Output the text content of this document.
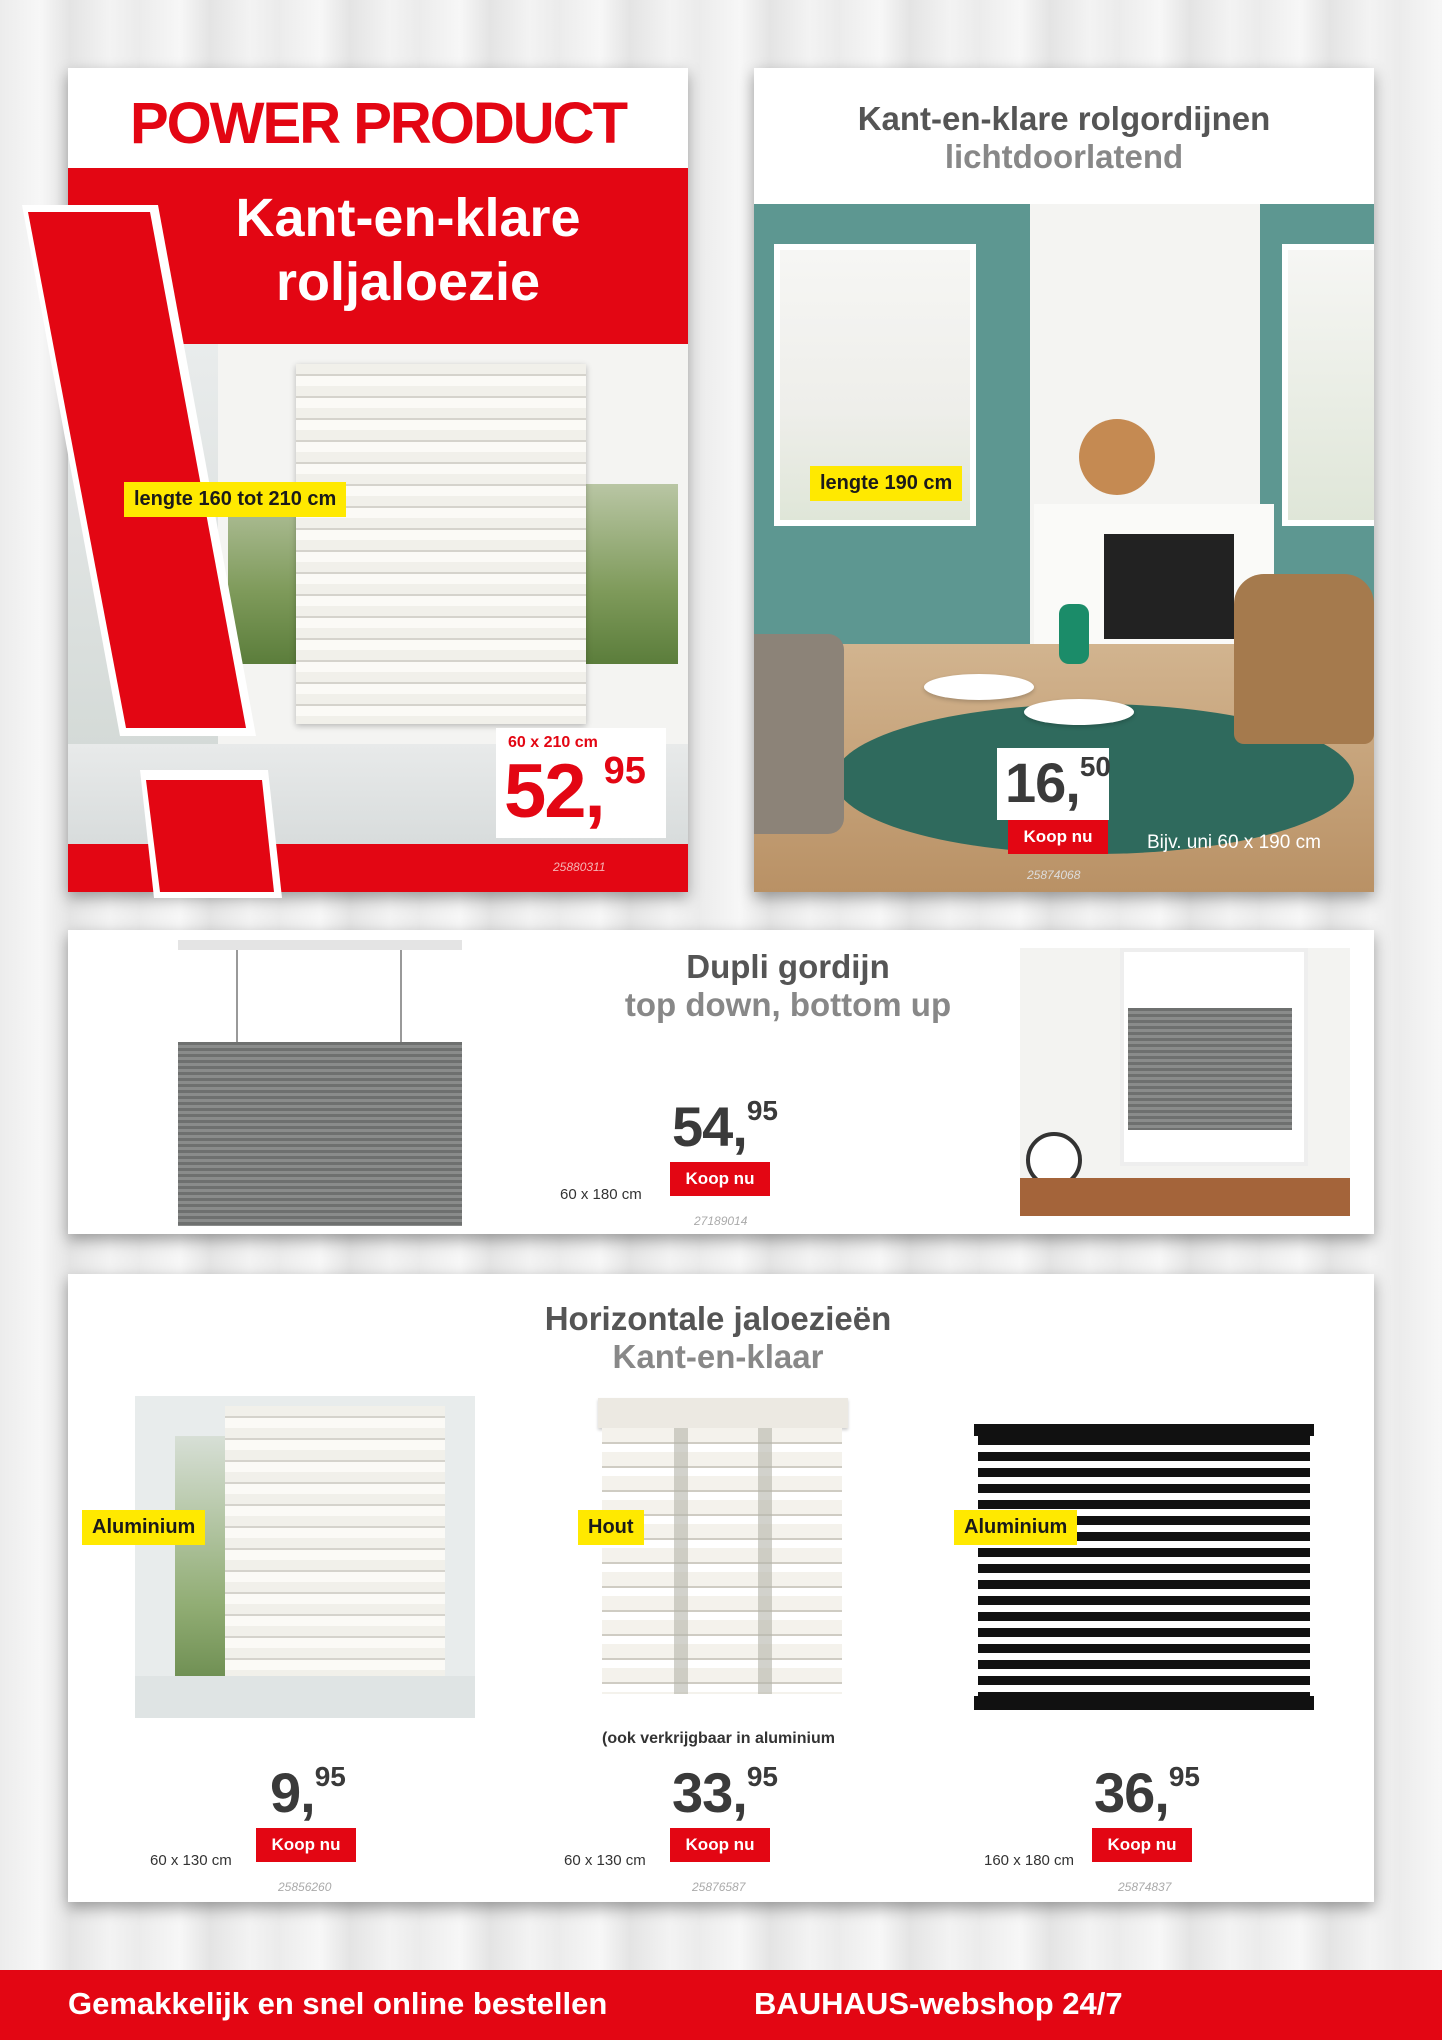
POWER PRODUCT
Kant-en-klare
roljaloezie
25880311
60 x 210 cm
52,95
lengte 160 tot 210 cm
Kant-en-klare rolgordijnen
lichtdoorlatend
16,50
Koop nu	Bijv. uni 60 x 190 cm
25874068
lengte 190 cm
Dupli gordijn
top down, bottom up
54,95
Koop nu
60 x 180 cm
27189014
Horizontale jaloezieën
Kant-en-klaar
Aluminium
9,95
Koop nu
60 x 130 cm
25856260
Hout
(ook verkrijgbaar in aluminium
33,95
Koop nu
60 x 130 cm
25876587
Aluminium
36,95
Koop nu
160 x 180 cm
25874837
Gemakkelijk en snel online bestellen	BAUHAUS-webshop 24/7
